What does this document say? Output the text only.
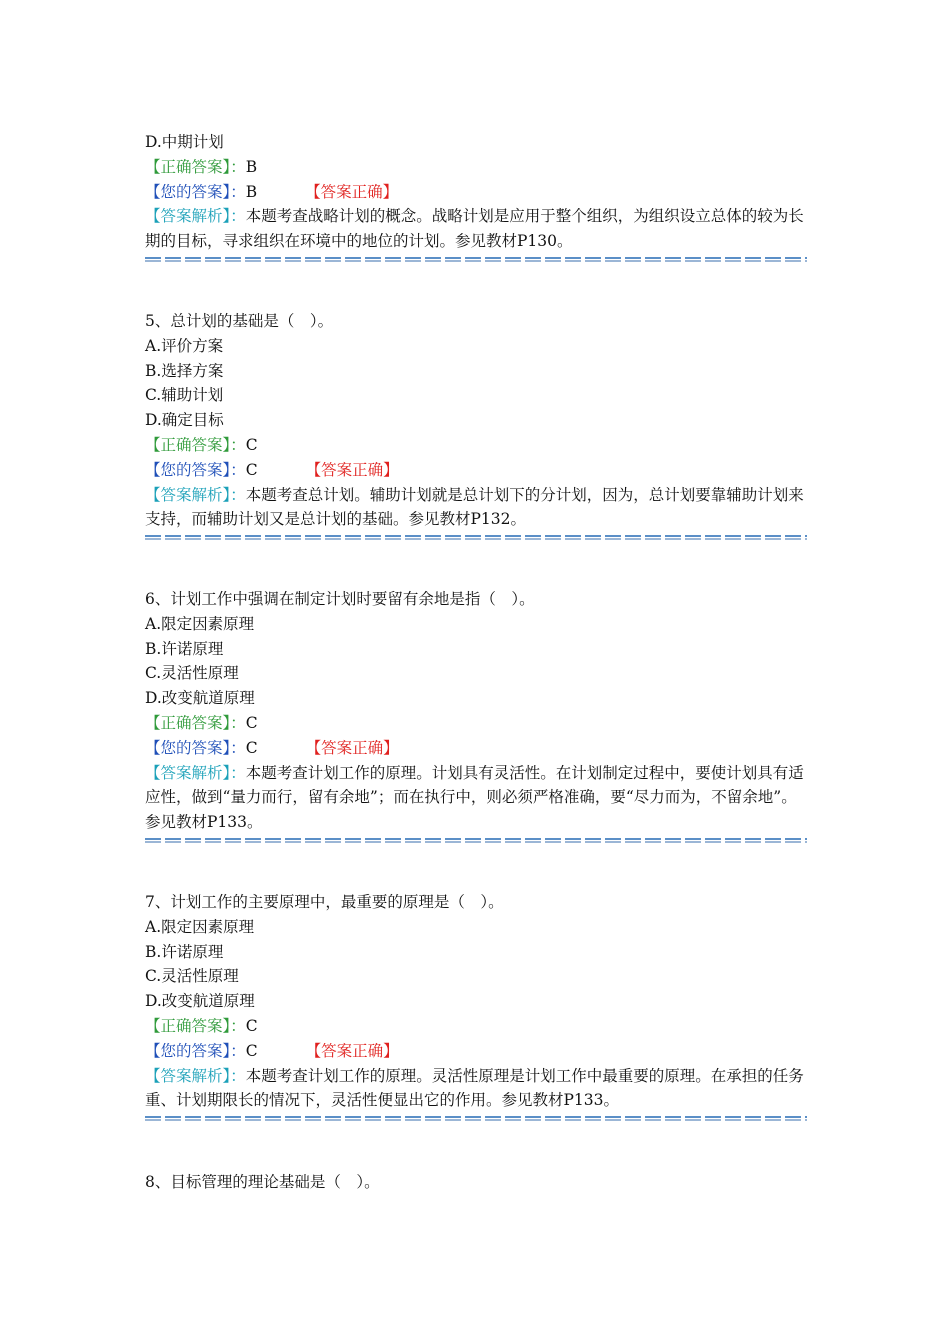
D.中期计划
【正确答案】：B
【您的答案】：B	【答案正确】
【答案解析】：本题考查战略计划的概念。战略计划是应用于整个组织，为组织设立总体的较为长期的目标，寻求组织在环境中的地位的计划。参见教材P130。
5、总计划的基础是（　）。
A.评价方案
B.选择方案
C.辅助计划
D.确定目标
【正确答案】：C
【您的答案】：C	【答案正确】
【答案解析】：本题考查总计划。辅助计划就是总计划下的分计划，因为，总计划要靠辅助计划来支持，而辅助计划又是总计划的基础。参见教材P132。
6、计划工作中强调在制定计划时要留有余地是指（　）。
A.限定因素原理
B.许诺原理
C.灵活性原理
D.改变航道原理
【正确答案】：C
【您的答案】：C	【答案正确】
【答案解析】：本题考查计划工作的原理。计划具有灵活性。在计划制定过程中，要使计划具有适应性，做到“量力而行，留有余地”；而在执行中，则必须严格准确，要“尽力而为，不留余地”。参见教材P133。
7、计划工作的主要原理中，最重要的原理是（　）。
A.限定因素原理
B.许诺原理
C.灵活性原理
D.改变航道原理
【正确答案】：C
【您的答案】：C	【答案正确】
【答案解析】：本题考查计划工作的原理。灵活性原理是计划工作中最重要的原理。在承担的任务重、计划期限长的情况下，灵活性便显出它的作用。参见教材P133。
8、目标管理的理论基础是（　）。
